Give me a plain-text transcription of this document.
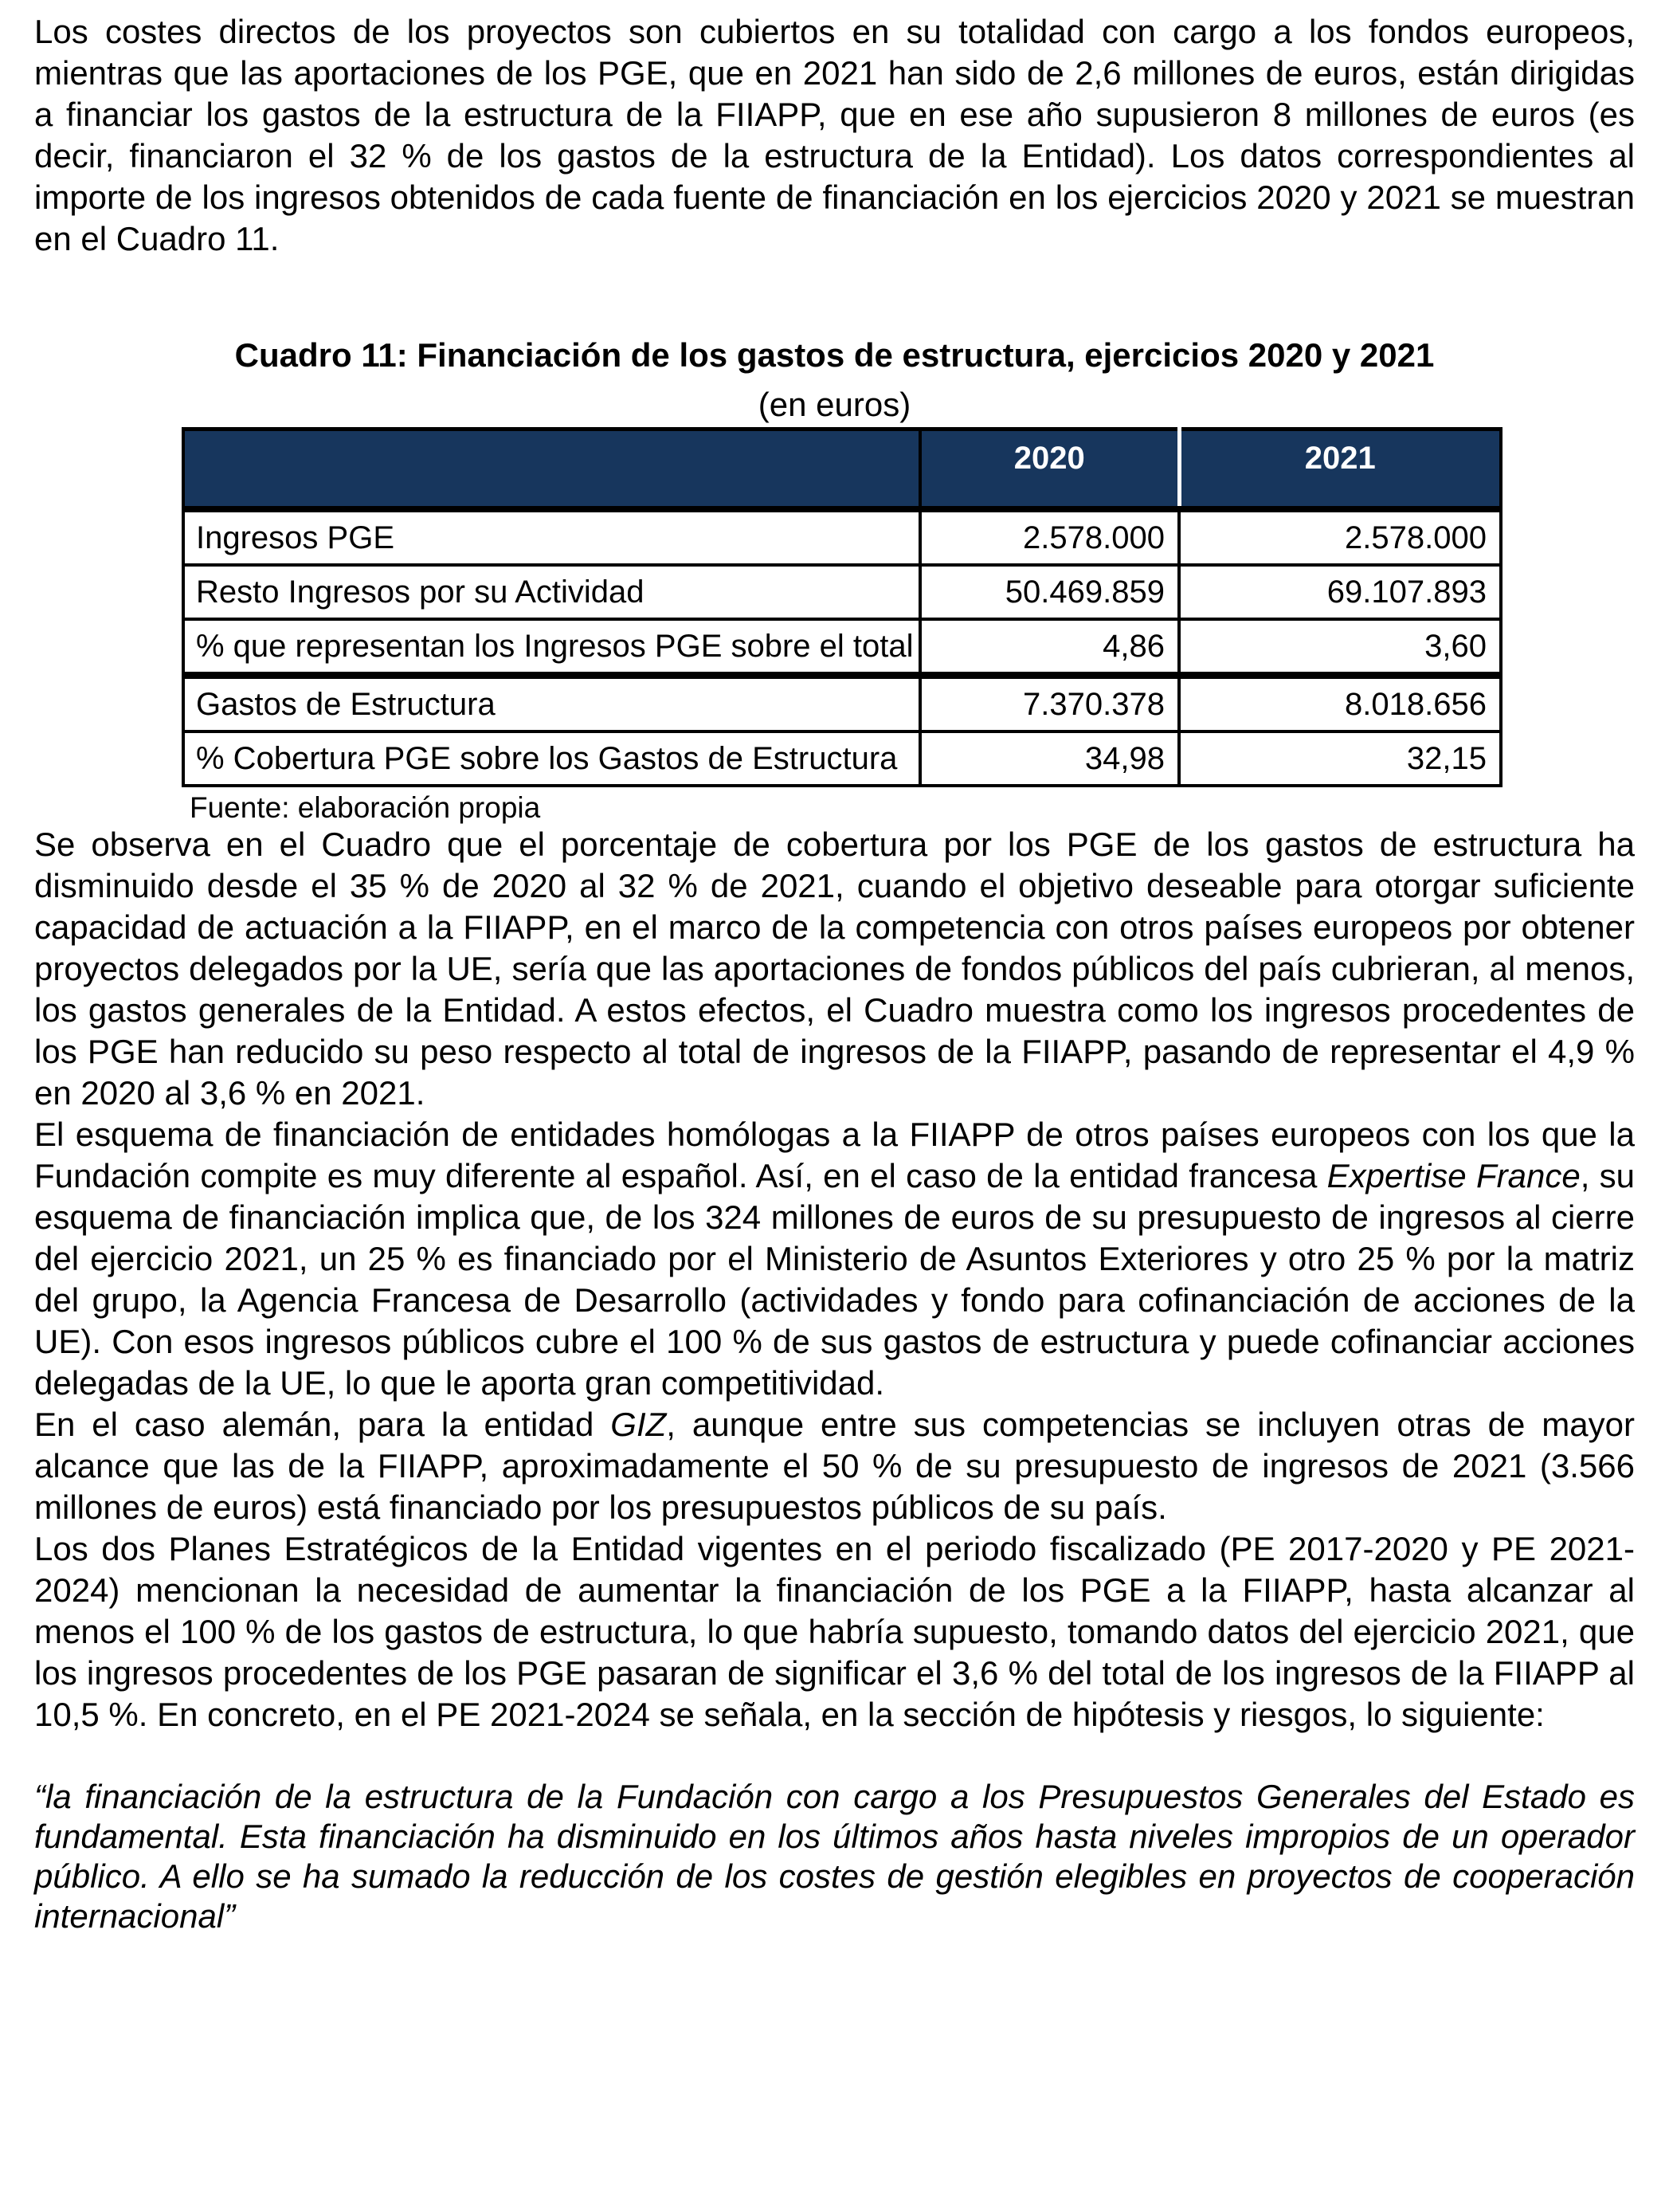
Los costes directos de los proyectos son cubiertos en su totalidad con cargo a los fondos europeos, mientras que las aportaciones de los PGE, que en 2021 han sido de 2,6 millones de euros, están dirigidas a financiar los gastos de la estructura de la FIIAPP, que en ese año supusieron 8 millones de euros (es decir, financiaron el 32 % de los gastos de la estructura de la Entidad). Los datos correspondientes al importe de los ingresos obtenidos de cada fuente de financiación en los ejercicios 2020 y 2021 se muestran en el Cuadro 11.

Cuadro 11: Financiación de los gastos de estructura, ejercicios 2020 y 2021
(en euros)
	2020	2021
Ingresos PGE	2.578.000	2.578.000
Resto Ingresos por su Actividad	50.469.859	69.107.893
% que representan los Ingresos PGE sobre el total	4,86	3,60
Gastos de Estructura	7.370.378	8.018.656
% Cobertura PGE sobre los Gastos de Estructura	34,98	32,15
Fuente: elaboración propia

Se observa en el Cuadro que el porcentaje de cobertura por los PGE de los gastos de estructura ha disminuido desde el 35 % de 2020 al 32 % de 2021, cuando el objetivo deseable para otorgar suficiente capacidad de actuación a la FIIAPP, en el marco de la competencia con otros países europeos por obtener proyectos delegados por la UE, sería que las aportaciones de fondos públicos del país cubrieran, al menos, los gastos generales de la Entidad. A estos efectos, el Cuadro muestra como los ingresos procedentes de los PGE han reducido su peso respecto al total de ingresos de la FIIAPP, pasando de representar el 4,9 % en 2020 al 3,6 % en 2021.

El esquema de financiación de entidades homólogas a la FIIAPP de otros países europeos con los que la Fundación compite es muy diferente al español. Así, en el caso de la entidad francesa Expertise France, su esquema de financiación implica que, de los 324 millones de euros de su presupuesto de ingresos al cierre del ejercicio 2021, un 25 % es financiado por el Ministerio de Asuntos Exteriores y otro 25 % por la matriz del grupo, la Agencia Francesa de Desarrollo (actividades y fondo para cofinanciación de acciones de la UE). Con esos ingresos públicos cubre el 100 % de sus gastos de estructura y puede cofinanciar acciones delegadas de la UE, lo que le aporta gran competitividad.

En el caso alemán, para la entidad GIZ, aunque entre sus competencias se incluyen otras de mayor alcance que las de la FIIAPP, aproximadamente el 50 % de su presupuesto de ingresos de 2021 (3.566 millones de euros) está financiado por los presupuestos públicos de su país.

Los dos Planes Estratégicos de la Entidad vigentes en el periodo fiscalizado (PE 2017-2020 y PE 2021-2024) mencionan la necesidad de aumentar la financiación de los PGE a la FIIAPP, hasta alcanzar al menos el 100 % de los gastos de estructura, lo que habría supuesto, tomando datos del ejercicio 2021, que los ingresos procedentes de los PGE pasaran de significar el 3,6 % del total de los ingresos de la FIIAPP al 10,5 %. En concreto, en el PE 2021-2024 se señala, en la sección de hipótesis y riesgos, lo siguiente:

“la financiación de la estructura de la Fundación con cargo a los Presupuestos Generales del Estado es fundamental. Esta financiación ha disminuido en los últimos años hasta niveles impropios de un operador público. A ello se ha sumado la reducción de los costes de gestión elegibles en proyectos de cooperación internacional”
